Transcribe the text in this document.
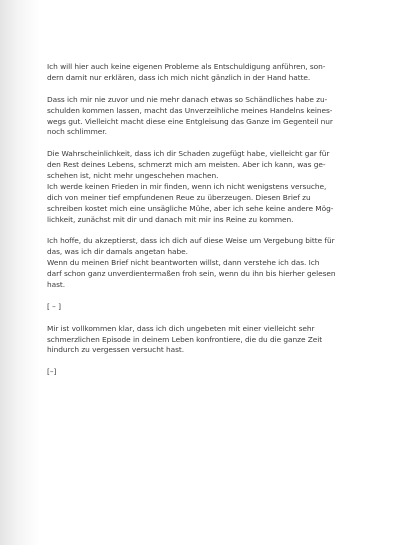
Ich will hier auch keine eigenen Probleme als Entschuldigung anführen, son-
dern damit nur erklären, dass ich mich nicht gänzlich in der Hand hatte.

Dass ich mir nie zuvor und nie mehr danach etwas so Schändliches habe zu-
schulden kommen lassen, macht das Unverzeihliche meines Handelns keines-
wegs gut. Vielleicht macht diese eine Entgleisung das Ganze im Gegenteil nur
noch schlimmer.

Die Wahrscheinlichkeit, dass ich dir Schaden zugefügt habe, vielleicht gar für
den Rest deines Lebens, schmerzt mich am meisten. Aber ich kann, was ge-
schehen ist, nicht mehr ungeschehen machen.
Ich werde keinen Frieden in mir finden, wenn ich nicht wenigstens versuche,
dich von meiner tief empfundenen Reue zu überzeugen. Diesen Brief zu
schreiben kostet mich eine unsägliche Mühe, aber ich sehe keine andere Mög-
lichkeit, zunächst mit dir und danach mit mir ins Reine zu kommen.

Ich hoffe, du akzeptierst, dass ich dich auf diese Weise um Vergebung bitte für
das, was ich dir damals angetan habe.
Wenn du meinen Brief nicht beantworten willst, dann verstehe ich das. Ich
darf schon ganz unverdientermaßen froh sein, wenn du ihn bis hierher gelesen
hast.

[ – ]

Mir ist vollkommen klar, dass ich dich ungebeten mit einer vielleicht sehr
schmerzlichen Episode in deinem Leben konfrontiere, die du die ganze Zeit
hindurch zu vergessen versucht hast.

[–]
